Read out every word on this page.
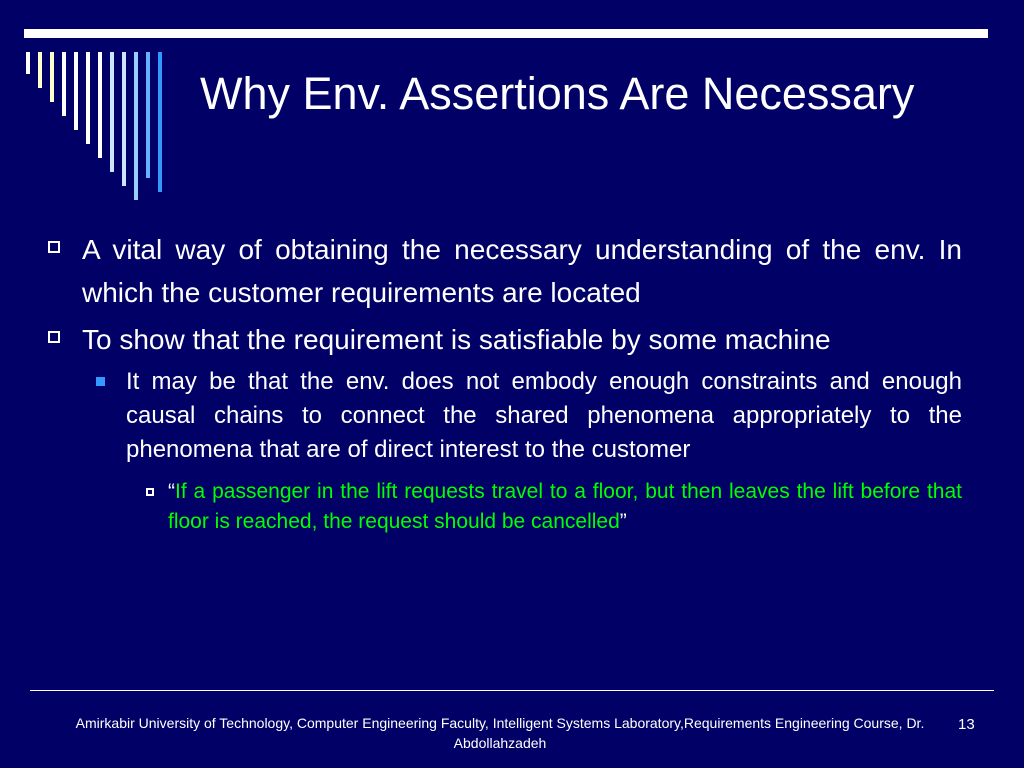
Why Env. Assertions Are Necessary
A vital way of obtaining the necessary understanding of the env. In which the customer requirements are located
To show that the requirement is satisfiable by some machine
It may be that the env. does not embody enough constraints and enough causal chains to connect the shared phenomena appropriately to the phenomena that are of direct interest to the customer
“If a passenger in the lift requests travel to a floor, but then leaves the lift before that floor is reached, the request should be cancelled”
Amirkabir University of Technology, Computer Engineering Faculty, Intelligent Systems Laboratory,Requirements Engineering Course, Dr. Abdollahzadeh
13
